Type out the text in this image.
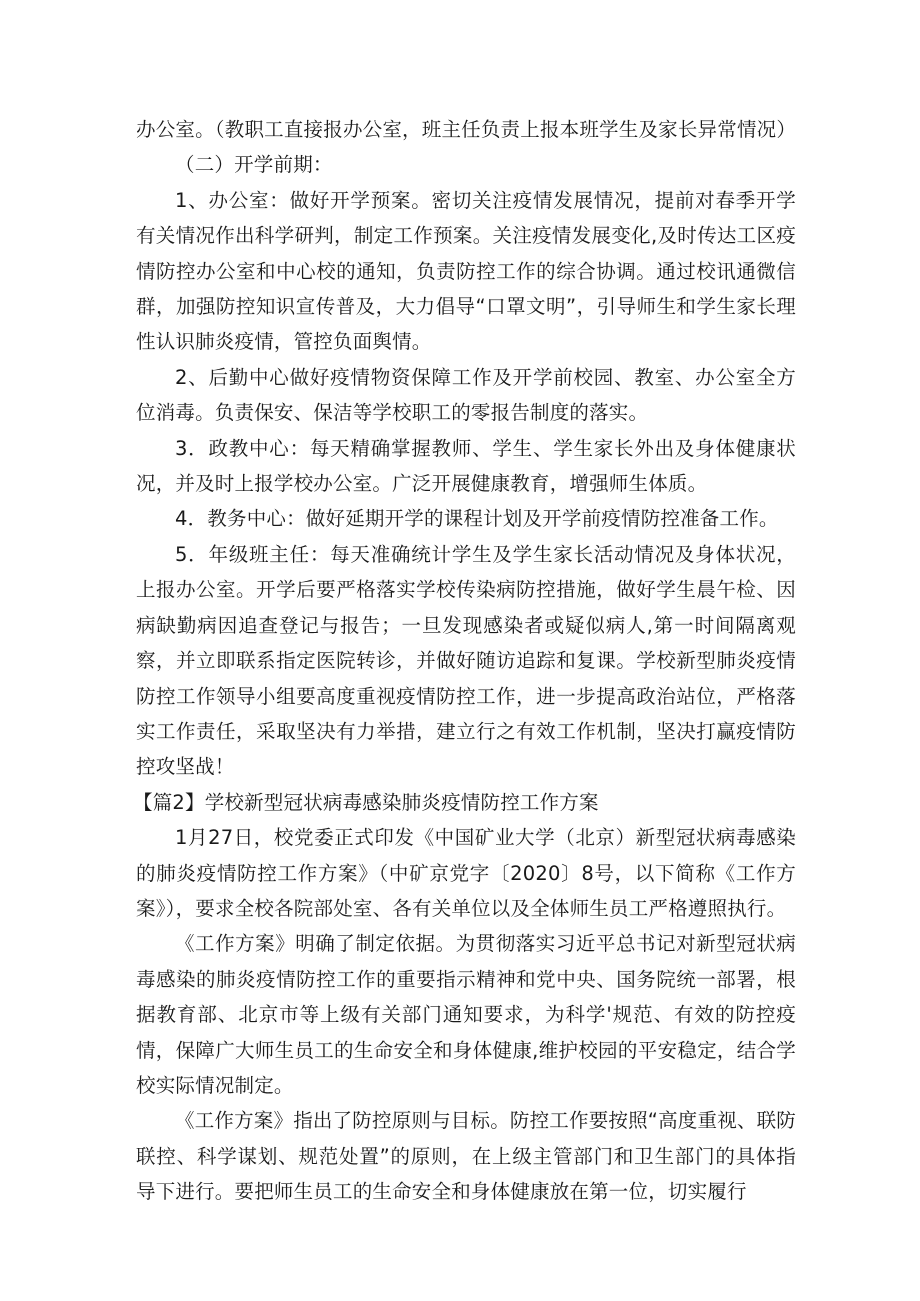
办公室。（教职工直接报办公室，班主任负责上报本班学生及家长异常情况）

（二）开学前期：

1、办公室：做好开学预案。密切关注疫情发展情况，提前对春季开学有关情况作出科学研判，制定工作预案。关注疫情发展变化,及时传达工区疫情防控办公室和中心校的通知，负责防控工作的综合协调。通过校讯通微信群，加强防控知识宣传普及，大力倡导“口罩文明”，引导师生和学生家长理性认识肺炎疫情，管控负面舆情。

2、后勤中心做好疫情物资保障工作及开学前校园、教室、办公室全方位消毒。负责保安、保洁等学校职工的零报告制度的落实。

3．政教中心：每天精确掌握教师、学生、学生家长外出及身体健康状况，并及时上报学校办公室。广泛开展健康教育，增强师生体质。

4．教务中心：做好延期开学的课程计划及开学前疫情防控准备工作。

5．年级班主任：每天准确统计学生及学生家长活动情况及身体状况，上报办公室。开学后要严格落实学校传染病防控措施，做好学生晨午检、因病缺勤病因追查登记与报告；一旦发现感染者或疑似病人,第一时间隔离观察，并立即联系指定医院转诊，并做好随访追踪和复课。学校新型肺炎疫情防控工作领导小组要高度重视疫情防控工作，进一步提高政治站位，严格落实工作责任，采取坚决有力举措，建立行之有效工作机制，坚决打赢疫情防控攻坚战！

【篇2】学校新型冠状病毒感染肺炎疫情防控工作方案

1月27日，校党委正式印发《中国矿业大学（北京）新型冠状病毒感染的肺炎疫情防控工作方案》（中矿京党字〔2020〕8号，以下简称《工作方案》），要求全校各院部处室、各有关单位以及全体师生员工严格遵照执行。

《工作方案》明确了制定依据。为贯彻落实习近平总书记对新型冠状病毒感染的肺炎疫情防控工作的重要指示精神和党中央、国务院统一部署，根据教育部、北京市等上级有关部门通知要求，为科学'规范、有效的防控疫情，保障广大师生员工的生命安全和身体健康,维护校园的平安稳定，结合学校实际情况制定。

《工作方案》指出了防控原则与目标。防控工作要按照“高度重视、联防联控、科学谋划、规范处置”的原则，在上级主管部门和卫生部门的具体指导下进行。要把师生员工的生命安全和身体健康放在第一位，切实履行
